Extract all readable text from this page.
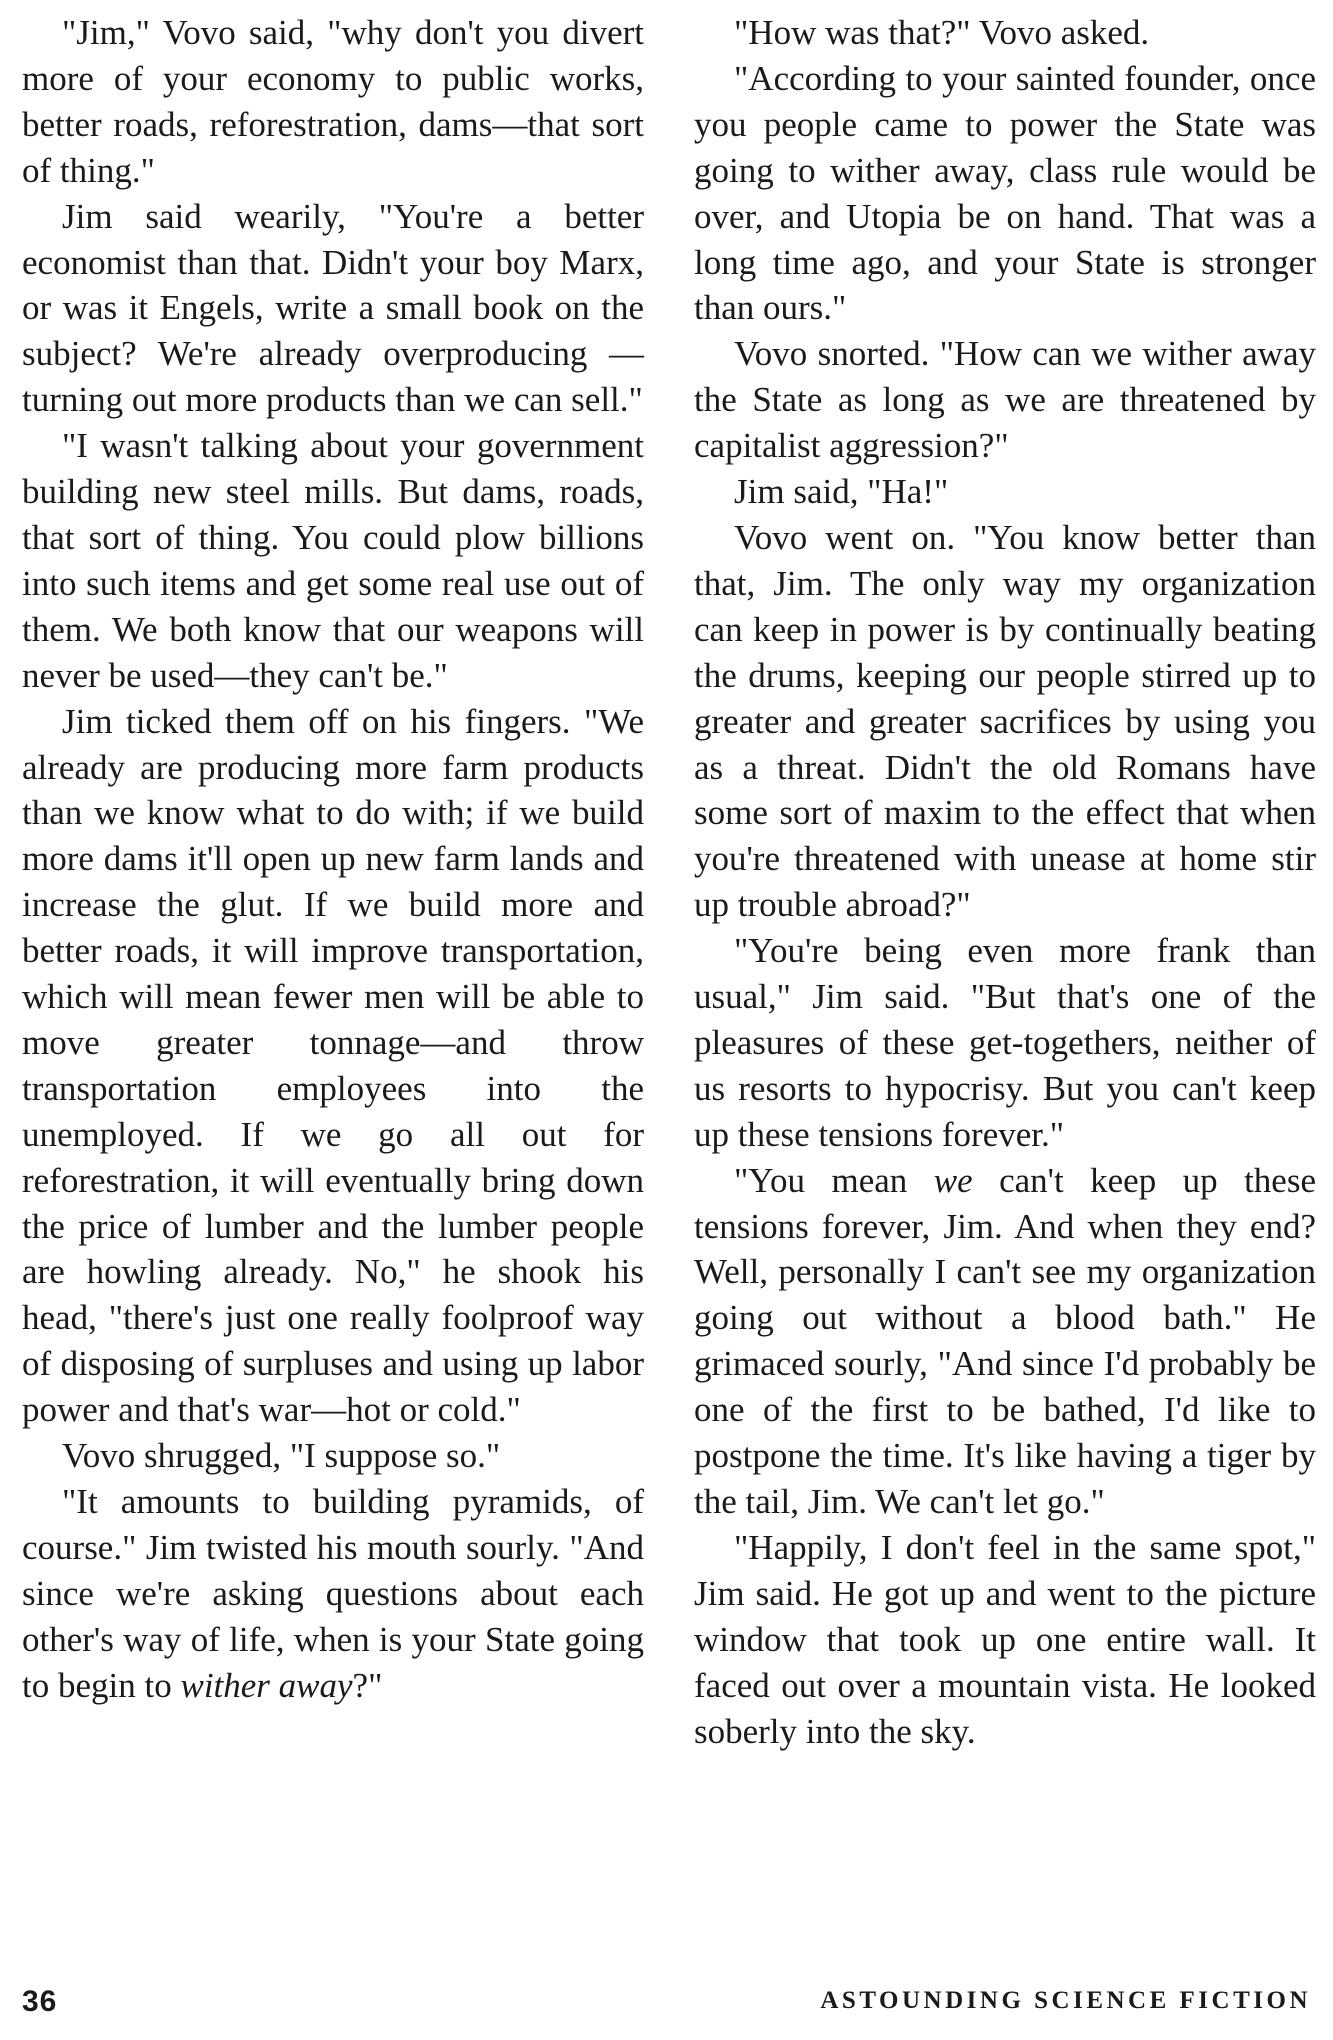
"Jim," Vovo said, "why don't you divert more of your economy to public works, better roads, reforestration, dams—that sort of thing."

Jim said wearily, "You're a better economist than that. Didn't your boy Marx, or was it Engels, write a small book on the subject? We're already overproducing — turning out more products than we can sell."

"I wasn't talking about your government building new steel mills. But dams, roads, that sort of thing. You could plow billions into such items and get some real use out of them. We both know that our weapons will never be used—they can't be."

Jim ticked them off on his fingers. "We already are producing more farm products than we know what to do with; if we build more dams it'll open up new farm lands and increase the glut. If we build more and better roads, it will improve transportation, which will mean fewer men will be able to move greater tonnage—and throw transportation employees into the unemployed. If we go all out for reforestration, it will eventually bring down the price of lumber and the lumber people are howling already. No," he shook his head, "there's just one really foolproof way of disposing of surpluses and using up labor power and that's war—hot or cold."

Vovo shrugged, "I suppose so."

"It amounts to building pyramids, of course." Jim twisted his mouth sourly. "And since we're asking questions about each other's way of life, when is your State going to begin to wither away?"

"How was that?" Vovo asked.

"According to your sainted founder, once you people came to power the State was going to wither away, class rule would be over, and Utopia be on hand. That was a long time ago, and your State is stronger than ours."

Vovo snorted. "How can we wither away the State as long as we are threatened by capitalist aggression?"

Jim said, "Ha!"

Vovo went on. "You know better than that, Jim. The only way my organization can keep in power is by continually beating the drums, keeping our people stirred up to greater and greater sacrifices by using you as a threat. Didn't the old Romans have some sort of maxim to the effect that when you're threatened with unease at home stir up trouble abroad?"

"You're being even more frank than usual," Jim said. "But that's one of the pleasures of these get-togethers, neither of us resorts to hypocrisy. But you can't keep up these tensions forever."

"You mean we can't keep up these tensions forever, Jim. And when they end? Well, personally I can't see my organization going out without a blood bath." He grimaced sourly, "And since I'd probably be one of the first to be bathed, I'd like to postpone the time. It's like having a tiger by the tail, Jim. We can't let go."

"Happily, I don't feel in the same spot," Jim said. He got up and went to the picture window that took up one entire wall. It faced out over a mountain vista. He looked soberly into the sky.

36	ASTOUNDING SCIENCE FICTION
